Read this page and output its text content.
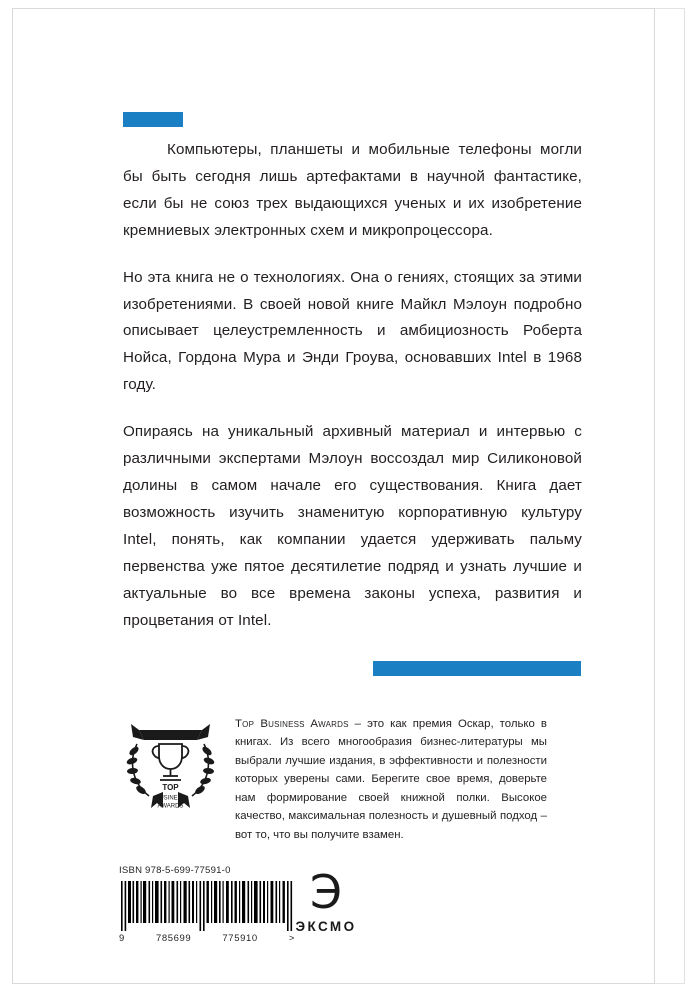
Компьютеры, планшеты и мобильные телефоны могли бы быть сегодня лишь артефактами в научной фантастике, если бы не союз трех выдающихся ученых и их изобретение кремниевых электронных схем и микропроцессора.

Но эта книга не о технологиях. Она о гениях, стоящих за этими изобретениями. В своей новой книге Майкл Мэлоун подробно описывает целеустремленность и амбициозность Роберта Нойса, Гордона Мура и Энди Гроува, основавших Intel в 1968 году.

Опираясь на уникальный архивный материал и интервью с различными экспертами Мэлоун воссоздал мир Силиконовой долины в самом начале его существования. Книга дает возможность изучить знаменитую корпоративную культуру Intel, понять, как компании удается удерживать пальму первенства уже пятое десятилетие подряд и узнать лучшие и актуальные во все времена законы успеха, развития и процветания от Intel.

TOP
BUSINESS
AWARDS

Top Business Awards – это как премия Оскар, только в книгах. Из всего многообразия бизнес-литературы мы выбрали лучшие издания, в эффективности и полезности которых уверены сами. Берегите свое время, доверьте нам формирование своей книжной полки. Высокое качество, максимальная полезность и душевный подход – вот то, что вы получите взамен.

ISBN 978-5-699-77591-0
9	785699	775910	>
Э
ЭКСМО
